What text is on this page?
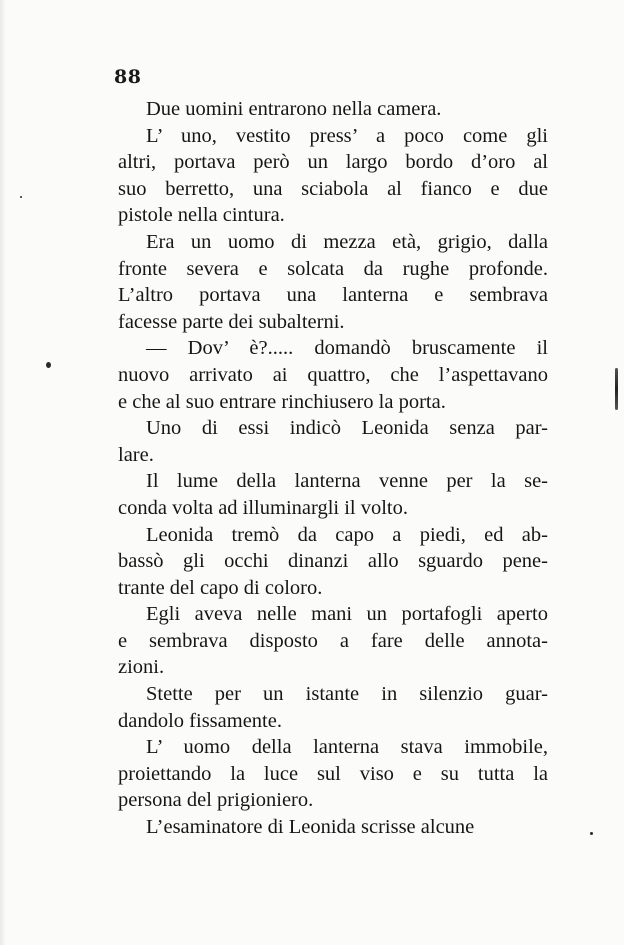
88

Due uomini entrarono nella camera.

L’ uno, vestito press’ a poco come gli
altri, portava però un largo bordo d’oro al
suo berretto, una sciabola al fianco e due
pistole nella cintura.

Era un uomo di mezza età, grigio, dalla
fronte severa e solcata da rughe profonde.
L’altro portava una lanterna e sembrava
facesse parte dei subalterni.

— Dov’ è?..... domandò bruscamente il
nuovo arrivato ai quattro, che l’aspettavano
e che al suo entrare rinchiusero la porta.

Uno di essi indicò Leonida senza par-
lare.

Il lume della lanterna venne per la se-
conda volta ad illuminargli il volto.

Leonida tremò da capo a piedi, ed ab-
bassò gli occhi dinanzi allo sguardo pene-
trante del capo di coloro.

Egli aveva nelle mani un portafogli aperto
e sembrava disposto a fare delle annota-
zioni.

Stette per un istante in silenzio guar-
dandolo fissamente.

L’ uomo della lanterna stava immobile,
proiettando la luce sul viso e su tutta la
persona del prigioniero.

L’esaminatore di Leonida scrisse alcune
